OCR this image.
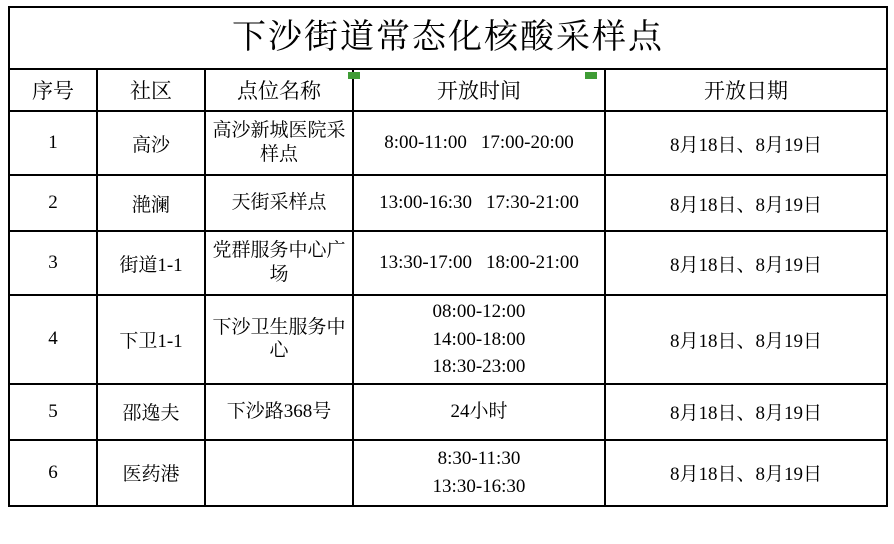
下沙街道常态化核酸采样点				
序号	社区	点位名称	开放时间	开放日期
1	高沙	高沙新城医院采样点	8:00-11:00 17:00-20:00	8月18日、8月19日
2	滟澜	天街采样点	13:00-16:30 17:30-21:00	8月18日、8月19日
3	街道1-1	党群服务中心广场	13:30-17:00 18:00-21:00	8月18日、8月19日
4	下卫1-1	下沙卫生服务中心	08:00-12:00
14:00-18:00
18:30-23:00	8月18日、8月19日
5	邵逸夫	下沙路368号	24小时	8月18日、8月19日
6	医药港		8:30-11:30
13:30-16:30	8月18日、8月19日
